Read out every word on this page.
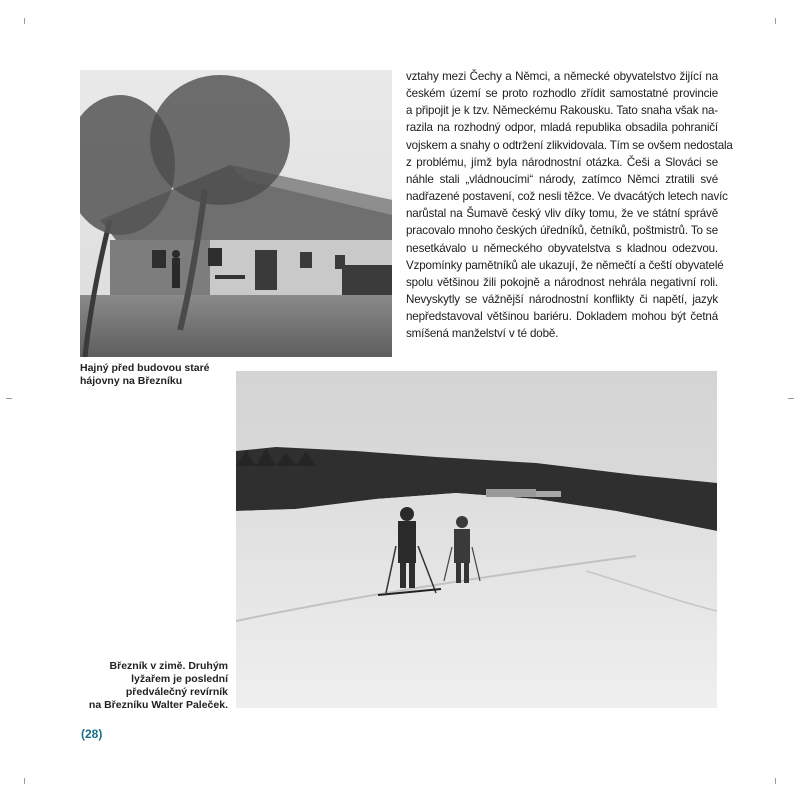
Hajný před budovou staré

hájovny na Březníku

vztahy mezi Čechy a Němci, a německé obyvatelstvo žijící na
českém území se proto rozhodlo zřídit samostatné provincie
a připojit je k tzv. Německému Rakousku. Tato snaha však na-
razila na rozhodný odpor, mladá republika obsadila pohraničí
vojskem a snahy o odtržení zlikvidovala. Tím se ovšem nedostala
z problému, jímž byla národnostní otázka. Češi a Slováci se
náhle stali „vládnoucími“ národy, zatímco Němci ztratili své
nadřazené postavení, což nesli těžce. Ve dvacátých letech navíc
narůstal na Šumavě český vliv díky tomu, že ve státní správě
pracovalo mnoho českých úředníků, četníků, poštmistrů. To se
nesetkávalo u německého obyvatelstva s kladnou odezvou.
Vzpomínky pamětníků ale ukazují, že němečtí a čeští obyvatelé
spolu většinou žili pokojně a národnost nehrála negativní roli.
Nevyskytly se vážnější národnostní konflikty či napětí, jazyk
nepředstavoval většinou bariéru. Dokladem mohou být četná
smíšená manželství v té době.

Březník v zimě. Druhým

lyžařem je poslední

předválečný revírník

na Březníku Walter Paleček.

(28)
